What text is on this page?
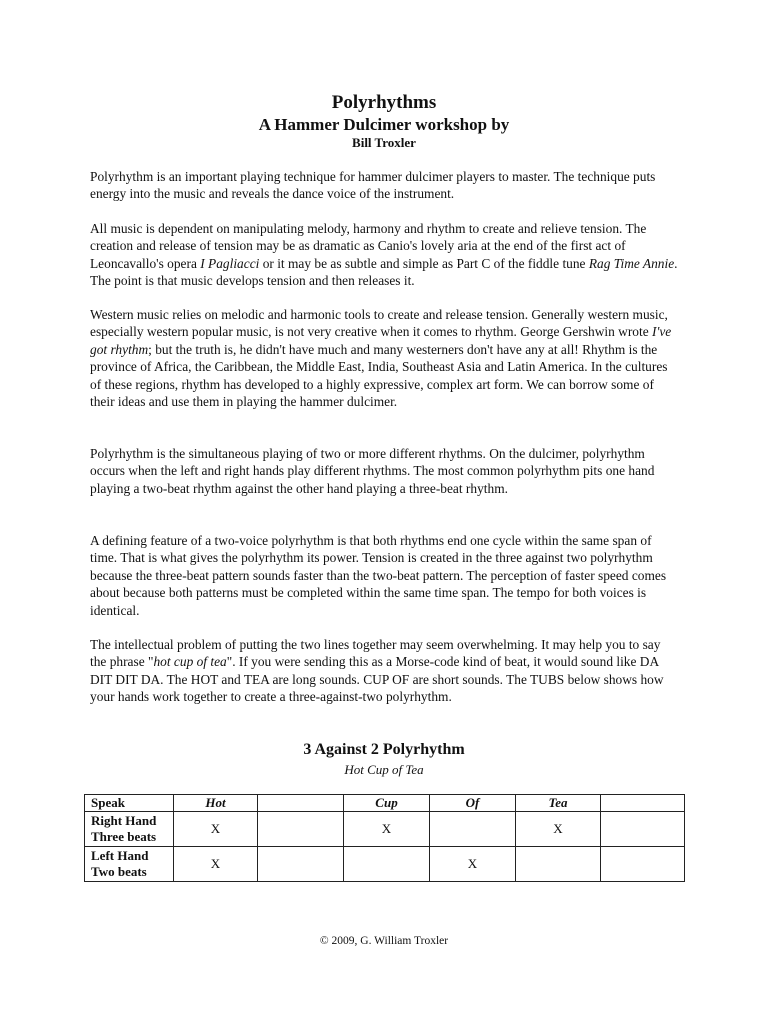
Polyrhythms
A Hammer Dulcimer workshop by
Bill Troxler

Polyrhythm is an important playing technique for hammer dulcimer players to master. The technique puts energy into the music and reveals the dance voice of the instrument.

All music is dependent on manipulating melody, harmony and rhythm to create and relieve tension. The creation and release of tension may be as dramatic as Canio's lovely aria at the end of the first act of Leoncavallo's opera I Pagliacci or it may be as subtle and simple as Part C of the fiddle tune Rag Time Annie. The point is that music develops tension and then releases it.

Western music relies on melodic and harmonic tools to create and release tension. Generally western music, especially western popular music, is not very creative when it comes to rhythm. George Gershwin wrote I've got rhythm; but the truth is, he didn't have much and many westerners don't have any at all! Rhythm is the province of Africa, the Caribbean, the Middle East, India, Southeast Asia and Latin America. In the cultures of these regions, rhythm has developed to a highly expressive, complex art form. We can borrow some of their ideas and use them in playing the hammer dulcimer.

Polyrhythm is the simultaneous playing of two or more different rhythms. On the dulcimer, polyrhythm occurs when the left and right hands play different rhythms. The most common polyrhythm pits one hand playing a two-beat rhythm against the other hand playing a three-beat rhythm.

A defining feature of a two-voice polyrhythm is that both rhythms end one cycle within the same span of time. That is what gives the polyrhythm its power. Tension is created in the three against two polyrhythm because the three-beat pattern sounds faster than the two-beat pattern. The perception of faster speed comes about because both patterns must be completed within the same time span. The tempo for both voices is identical.

The intellectual problem of putting the two lines together may seem overwhelming. It may help you to say the phrase "hot cup of tea". If you were sending this as a Morse-code kind of beat, it would sound like DA DIT DIT DA. The HOT and TEA are long sounds. CUP OF are short sounds. The TUBS below shows how your hands work together to create a three-against-two polyrhythm.

3 Against 2 Polyrhythm
Hot Cup of Tea
Speak	Hot		Cup	Of	Tea	
Right Hand
Three beats	X		X		X	
Left Hand
Two beats	X			X		
© 2009, G. William Troxler
